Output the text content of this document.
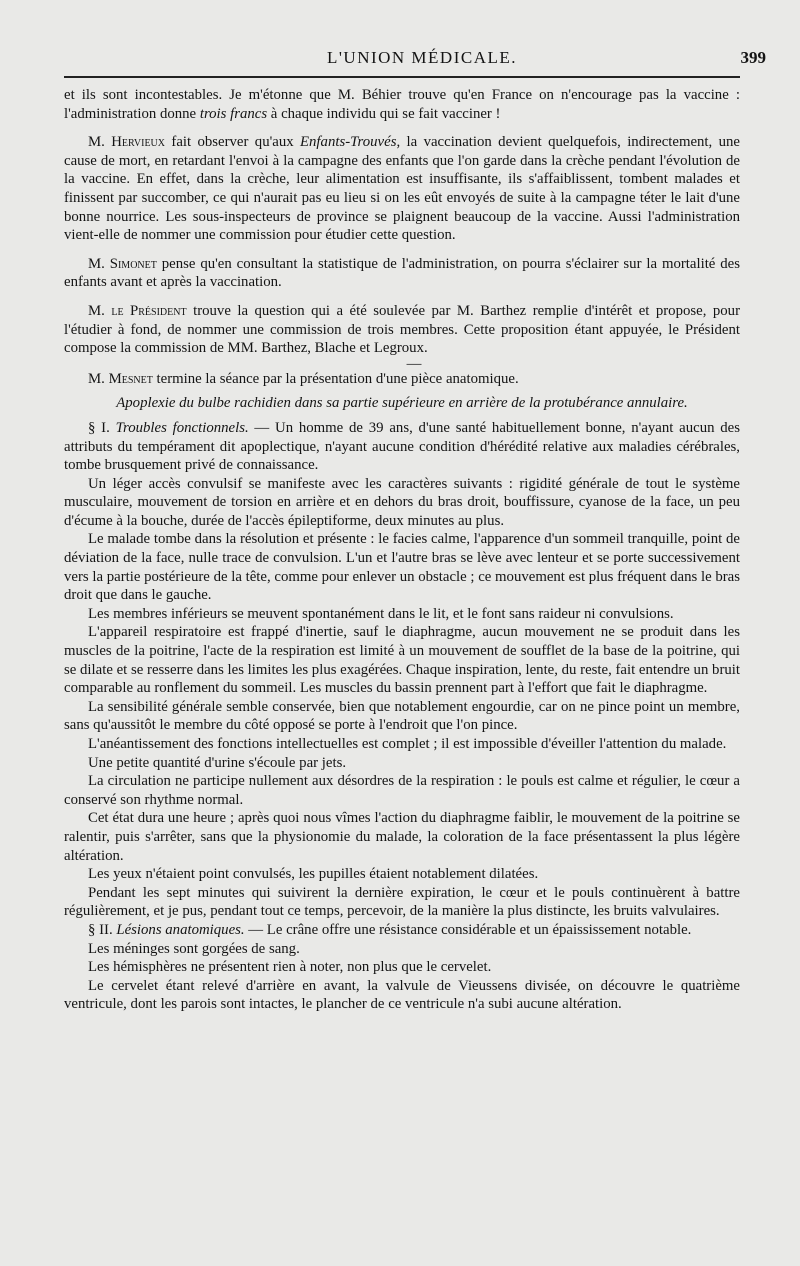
L'UNION MÉDICALE.	399

et ils sont incontestables. Je m'étonne que M. Béhier trouve qu'en France on n'encourage pas la vaccine : l'administration donne trois francs à chaque individu qui se fait vacciner !

M. Hervieux fait observer qu'aux Enfants-Trouvés, la vaccination devient quelquefois, indirectement, une cause de mort, en retardant l'envoi à la campagne des enfants que l'on garde dans la crèche pendant l'évolution de la vaccine. En effet, dans la crèche, leur alimentation est insuffisante, ils s'affaiblissent, tombent malades et finissent par succomber, ce qui n'aurait pas eu lieu si on les eût envoyés de suite à la campagne téter le lait d'une bonne nourrice. Les sous-inspecteurs de province se plaignent beaucoup de la vaccine. Aussi l'administration vient-elle de nommer une commission pour étudier cette question.

M. Simonet pense qu'en consultant la statistique de l'administration, on pourra s'éclairer sur la mortalité des enfants avant et après la vaccination.

M. le Président trouve la question qui a été soulevée par M. Barthez remplie d'intérêt et propose, pour l'étudier à fond, de nommer une commission de trois membres. Cette proposition étant appuyée, le Président compose la commission de MM. Barthez, Blache et Legroux.

—

M. Mesnet termine la séance par la présentation d'une pièce anatomique.

Apoplexie du bulbe rachidien dans sa partie supérieure en arrière de la protubérance annulaire.

§ I. Troubles fonctionnels. — Un homme de 39 ans, d'une santé habituellement bonne, n'ayant aucun des attributs du tempérament dit apoplectique, n'ayant aucune condition d'hérédité relative aux maladies cérébrales, tombe brusquement privé de connaissance.

Un léger accès convulsif se manifeste avec les caractères suivants : rigidité générale de tout le système musculaire, mouvement de torsion en arrière et en dehors du bras droit, bouffissure, cyanose de la face, un peu d'écume à la bouche, durée de l'accès épileptiforme, deux minutes au plus.

Le malade tombe dans la résolution et présente : le facies calme, l'apparence d'un sommeil tranquille, point de déviation de la face, nulle trace de convulsion. L'un et l'autre bras se lève avec lenteur et se porte successivement vers la partie postérieure de la tête, comme pour enlever un obstacle ; ce mouvement est plus fréquent dans le bras droit que dans le gauche.

Les membres inférieurs se meuvent spontanément dans le lit, et le font sans raideur ni convulsions.

L'appareil respiratoire est frappé d'inertie, sauf le diaphragme, aucun mouvement ne se produit dans les muscles de la poitrine, l'acte de la respiration est limité à un mouvement de soufflet de la base de la poitrine, qui se dilate et se resserre dans les limites les plus exagérées. Chaque inspiration, lente, du reste, fait entendre un bruit comparable au ronflement du sommeil. Les muscles du bassin prennent part à l'effort que fait le diaphragme.

La sensibilité générale semble conservée, bien que notablement engourdie, car on ne pince point un membre, sans qu'aussitôt le membre du côté opposé se porte à l'endroit que l'on pince.

L'anéantissement des fonctions intellectuelles est complet ; il est impossible d'éveiller l'attention du malade.

Une petite quantité d'urine s'écoule par jets.

La circulation ne participe nullement aux désordres de la respiration : le pouls est calme et régulier, le cœur a conservé son rhythme normal.

Cet état dura une heure ; après quoi nous vîmes l'action du diaphragme faiblir, le mouvement de la poitrine se ralentir, puis s'arrêter, sans que la physionomie du malade, la coloration de la face présentassent la plus légère altération.

Les yeux n'étaient point convulsés, les pupilles étaient notablement dilatées.

Pendant les sept minutes qui suivirent la dernière expiration, le cœur et le pouls continuèrent à battre régulièrement, et je pus, pendant tout ce temps, percevoir, de la manière la plus distincte, les bruits valvulaires.

§ II. Lésions anatomiques. — Le crâne offre une résistance considérable et un épaississement notable.

Les méninges sont gorgées de sang.

Les hémisphères ne présentent rien à noter, non plus que le cervelet.

Le cervelet étant relevé d'arrière en avant, la valvule de Vieussens divisée, on découvre le quatrième ventricule, dont les parois sont intactes, le plancher de ce ventricule n'a subi aucune altération.
